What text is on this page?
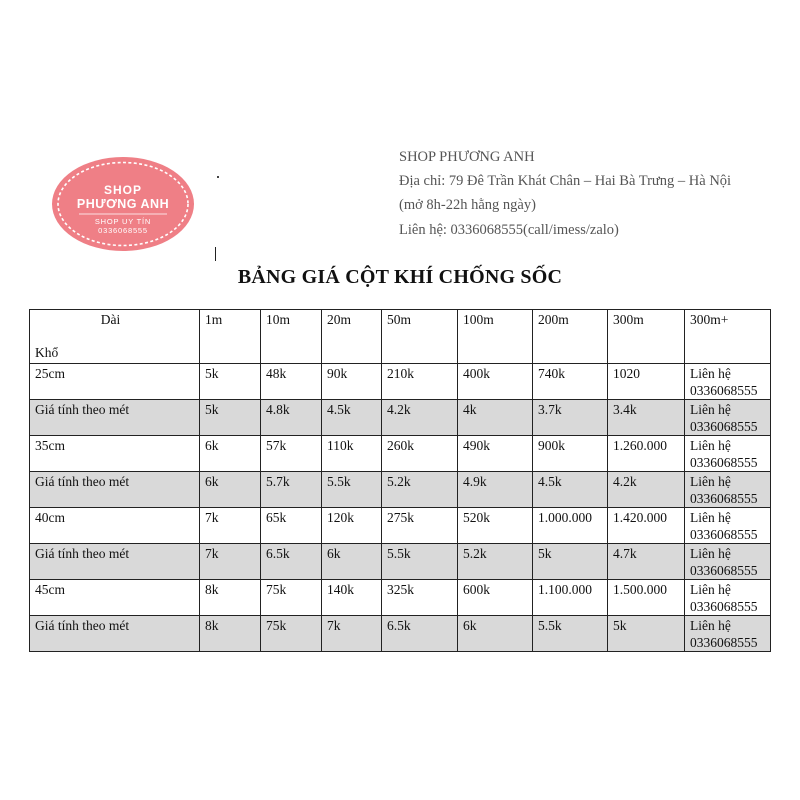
SHOP
PHƯƠNG ANH
SHOP UY TÍN
0336068555
SHOP PHƯƠNG ANH
Địa chỉ: 79 Đê Trần Khát Chân – Hai Bà Trưng – Hà Nội
(mở 8h-22h hằng ngày)
Liên hệ: 0336068555(call/imess/zalo)
BẢNG GIÁ CỘT KHÍ CHỐNG SỐC
Dài
Khổ	1m	10m	20m	50m	100m	200m	300m	300m+
25cm	5k	48k	90k	210k	400k	740k	1020	Liên hệ 0336068555
Giá tính theo mét	5k	4.8k	4.5k	4.2k	4k	3.7k	3.4k	Liên hệ 0336068555
35cm	6k	57k	110k	260k	490k	900k	1.260.000	Liên hệ 0336068555
Giá tính theo mét	6k	5.7k	5.5k	5.2k	4.9k	4.5k	4.2k	Liên hệ 0336068555
40cm	7k	65k	120k	275k	520k	1.000.000	1.420.000	Liên hệ 0336068555
Giá tính theo mét	7k	6.5k	6k	5.5k	5.2k	5k	4.7k	Liên hệ 0336068555
45cm	8k	75k	140k	325k	600k	1.100.000	1.500.000	Liên hệ 0336068555
Giá tính theo mét	8k	75k	7k	6.5k	6k	5.5k	5k	Liên hệ 0336068555
